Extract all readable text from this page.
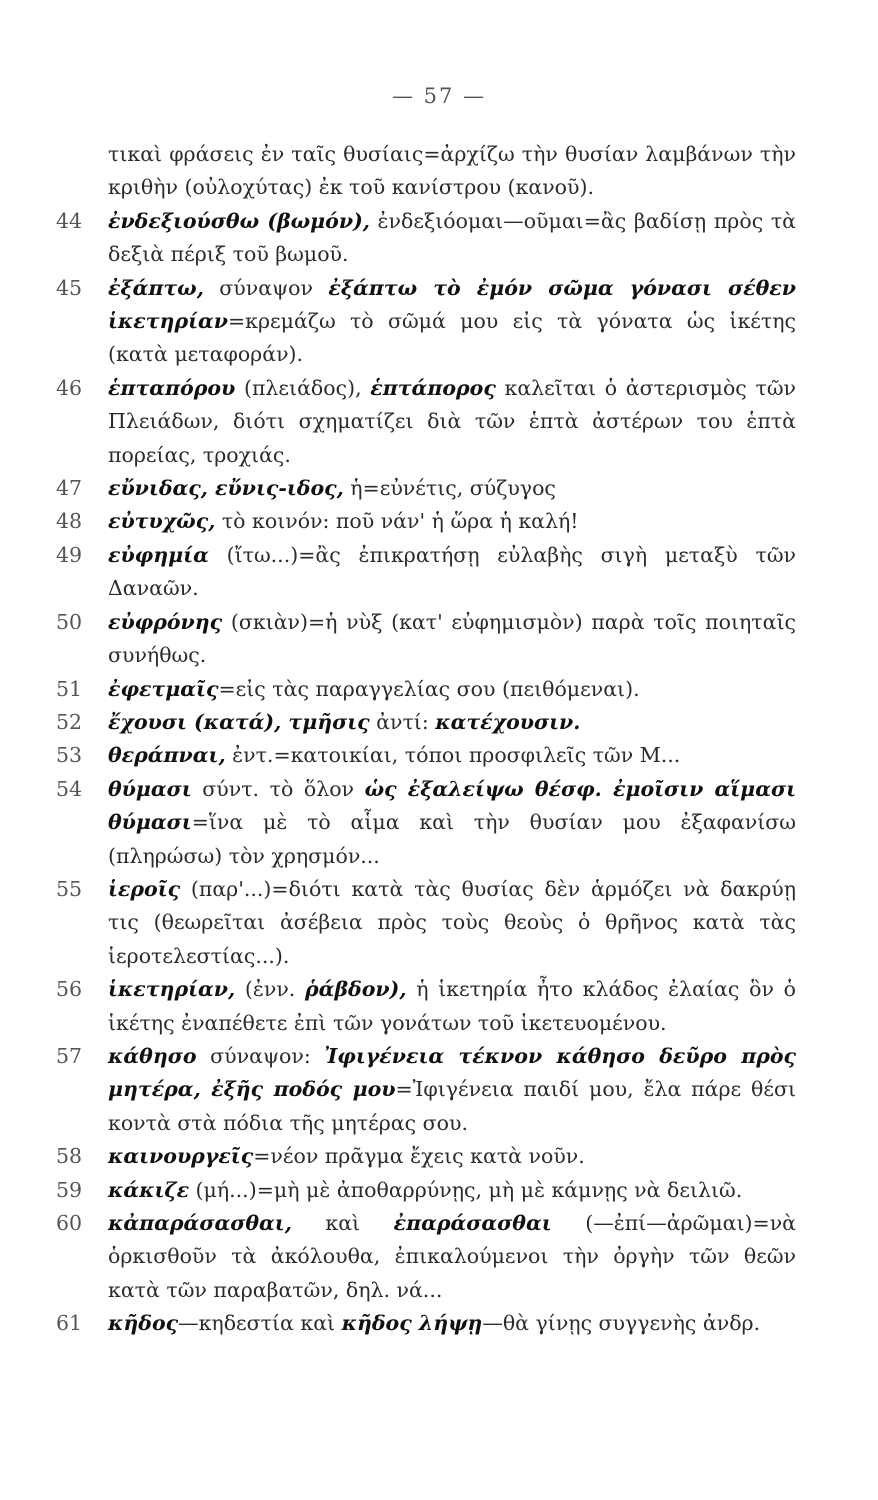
— 57 —

τικαὶ φράσεις ἐν ταῖς θυσίαις=ἀρχίζω τὴν θυσίαν λαμβάνων τὴν κριθὴν (οὐλοχύτας) ἐκ τοῦ κανίστρου (κανοῦ).

44	ἐνδεξιούσθω (βωμόν), ἐνδεξιόομαι—οῦμαι=ἂς βαδίσῃ πρὸς τὰ δεξιὰ πέριξ τοῦ βωμοῦ.

45	ἐξάπτω, σύναψον ἐξάπτω τὸ ἐμόν σῶμα γόνασι σέθεν ἱκετηρίαν=κρεμάζω τὸ σῶμά μου εἰς τὰ γόνατα ὡς ἱκέτης (κατὰ μεταφοράν).

46	ἑπταπόρου (πλειάδος), ἑπτάπορος καλεῖται ὁ ἀστερισμὸς τῶν Πλειάδων, διότι σχηματίζει διὰ τῶν ἑπτὰ ἀστέρων του ἑπτὰ πορείας, τροχιάς.

47	εὔνιδας, εὔνις-ιδος, ἡ=εὐνέτις, σύζυγος

48	εὐτυχῶς, τὸ κοινόν: ποῦ νάν' ἡ ὥρα ἡ καλή!

49	εὐφημία (ἴτω...)=ἂς ἐπικρατήσῃ εὐλαβὴς σιγὴ μεταξὺ τῶν Δαναῶν.

50	εὐφρόνης (σκιὰν)=ἡ νὺξ (κατ' εὐφημισμὸν) παρὰ τοῖς ποιηταῖς συνήθως.

51	ἐφετμαῖς=εἰς τὰς παραγγελίας σου (πειθόμεναι).

52	ἔχουσι (κατά), τμῆσις ἀντί: κατέχουσιν.

53	θεράπναι, ἐντ.=κατοικίαι, τόποι προσφιλεῖς τῶν Μ...

54	θύμασι σύντ. τὸ ὅλον ὡς ἐξαλείψω θέσφ. ἐμοῖσιν αἵμασι θύμασι=ἵνα μὲ τὸ αἷμα καὶ τὴν θυσίαν μου ἐξαφανίσω (πληρώσω) τὸν χρησμόν...

55	ἱεροῖς (παρ'...)=διότι κατὰ τὰς θυσίας δὲν ἁρμόζει νὰ δακρύῃ τις (θεωρεῖται ἀσέβεια πρὸς τοὺς θεοὺς ὁ θρῆνος κατὰ τὰς ἱεροτελεστίας...).

56	ἱκετηρίαν, (ἐνν. ῥάβδον), ἡ ἱκετηρία ἦτο κλάδος ἐλαίας ὃν ὁ ἱκέτης ἐναπέθετε ἐπὶ τῶν γονάτων τοῦ ἱκετευομένου.

57	κάθησο σύναψον: Ἰφιγένεια τέκνον κάθησο δεῦρο πρὸς μητέρα, ἐξῆς ποδός μου=Ἰφιγένεια παιδί μου, ἔλα πάρε θέσι κοντὰ στὰ πόδια τῆς μητέρας σου.

58	καινουργεῖς=νέον πρᾶγμα ἔχεις κατὰ νοῦν.

59	κάκιζε (μή...)=μὴ μὲ ἀποθαρρύνῃς, μὴ μὲ κάμνῃς νὰ δειλιῶ.

60	κἀπαράσασθαι, καὶ ἐπαράσασθαι (—ἐπί—ἀρῶμαι)=νὰ ὁρκισθοῦν τὰ ἀκόλουθα, ἐπικαλούμενοι τὴν ὀργὴν τῶν θεῶν κατὰ τῶν παραβατῶν, δηλ. νά...

61	κῆδος—κηδεστία καὶ κῆδος λήψῃ—θὰ γίνῃς συγγενὴς ἀνδρ.
